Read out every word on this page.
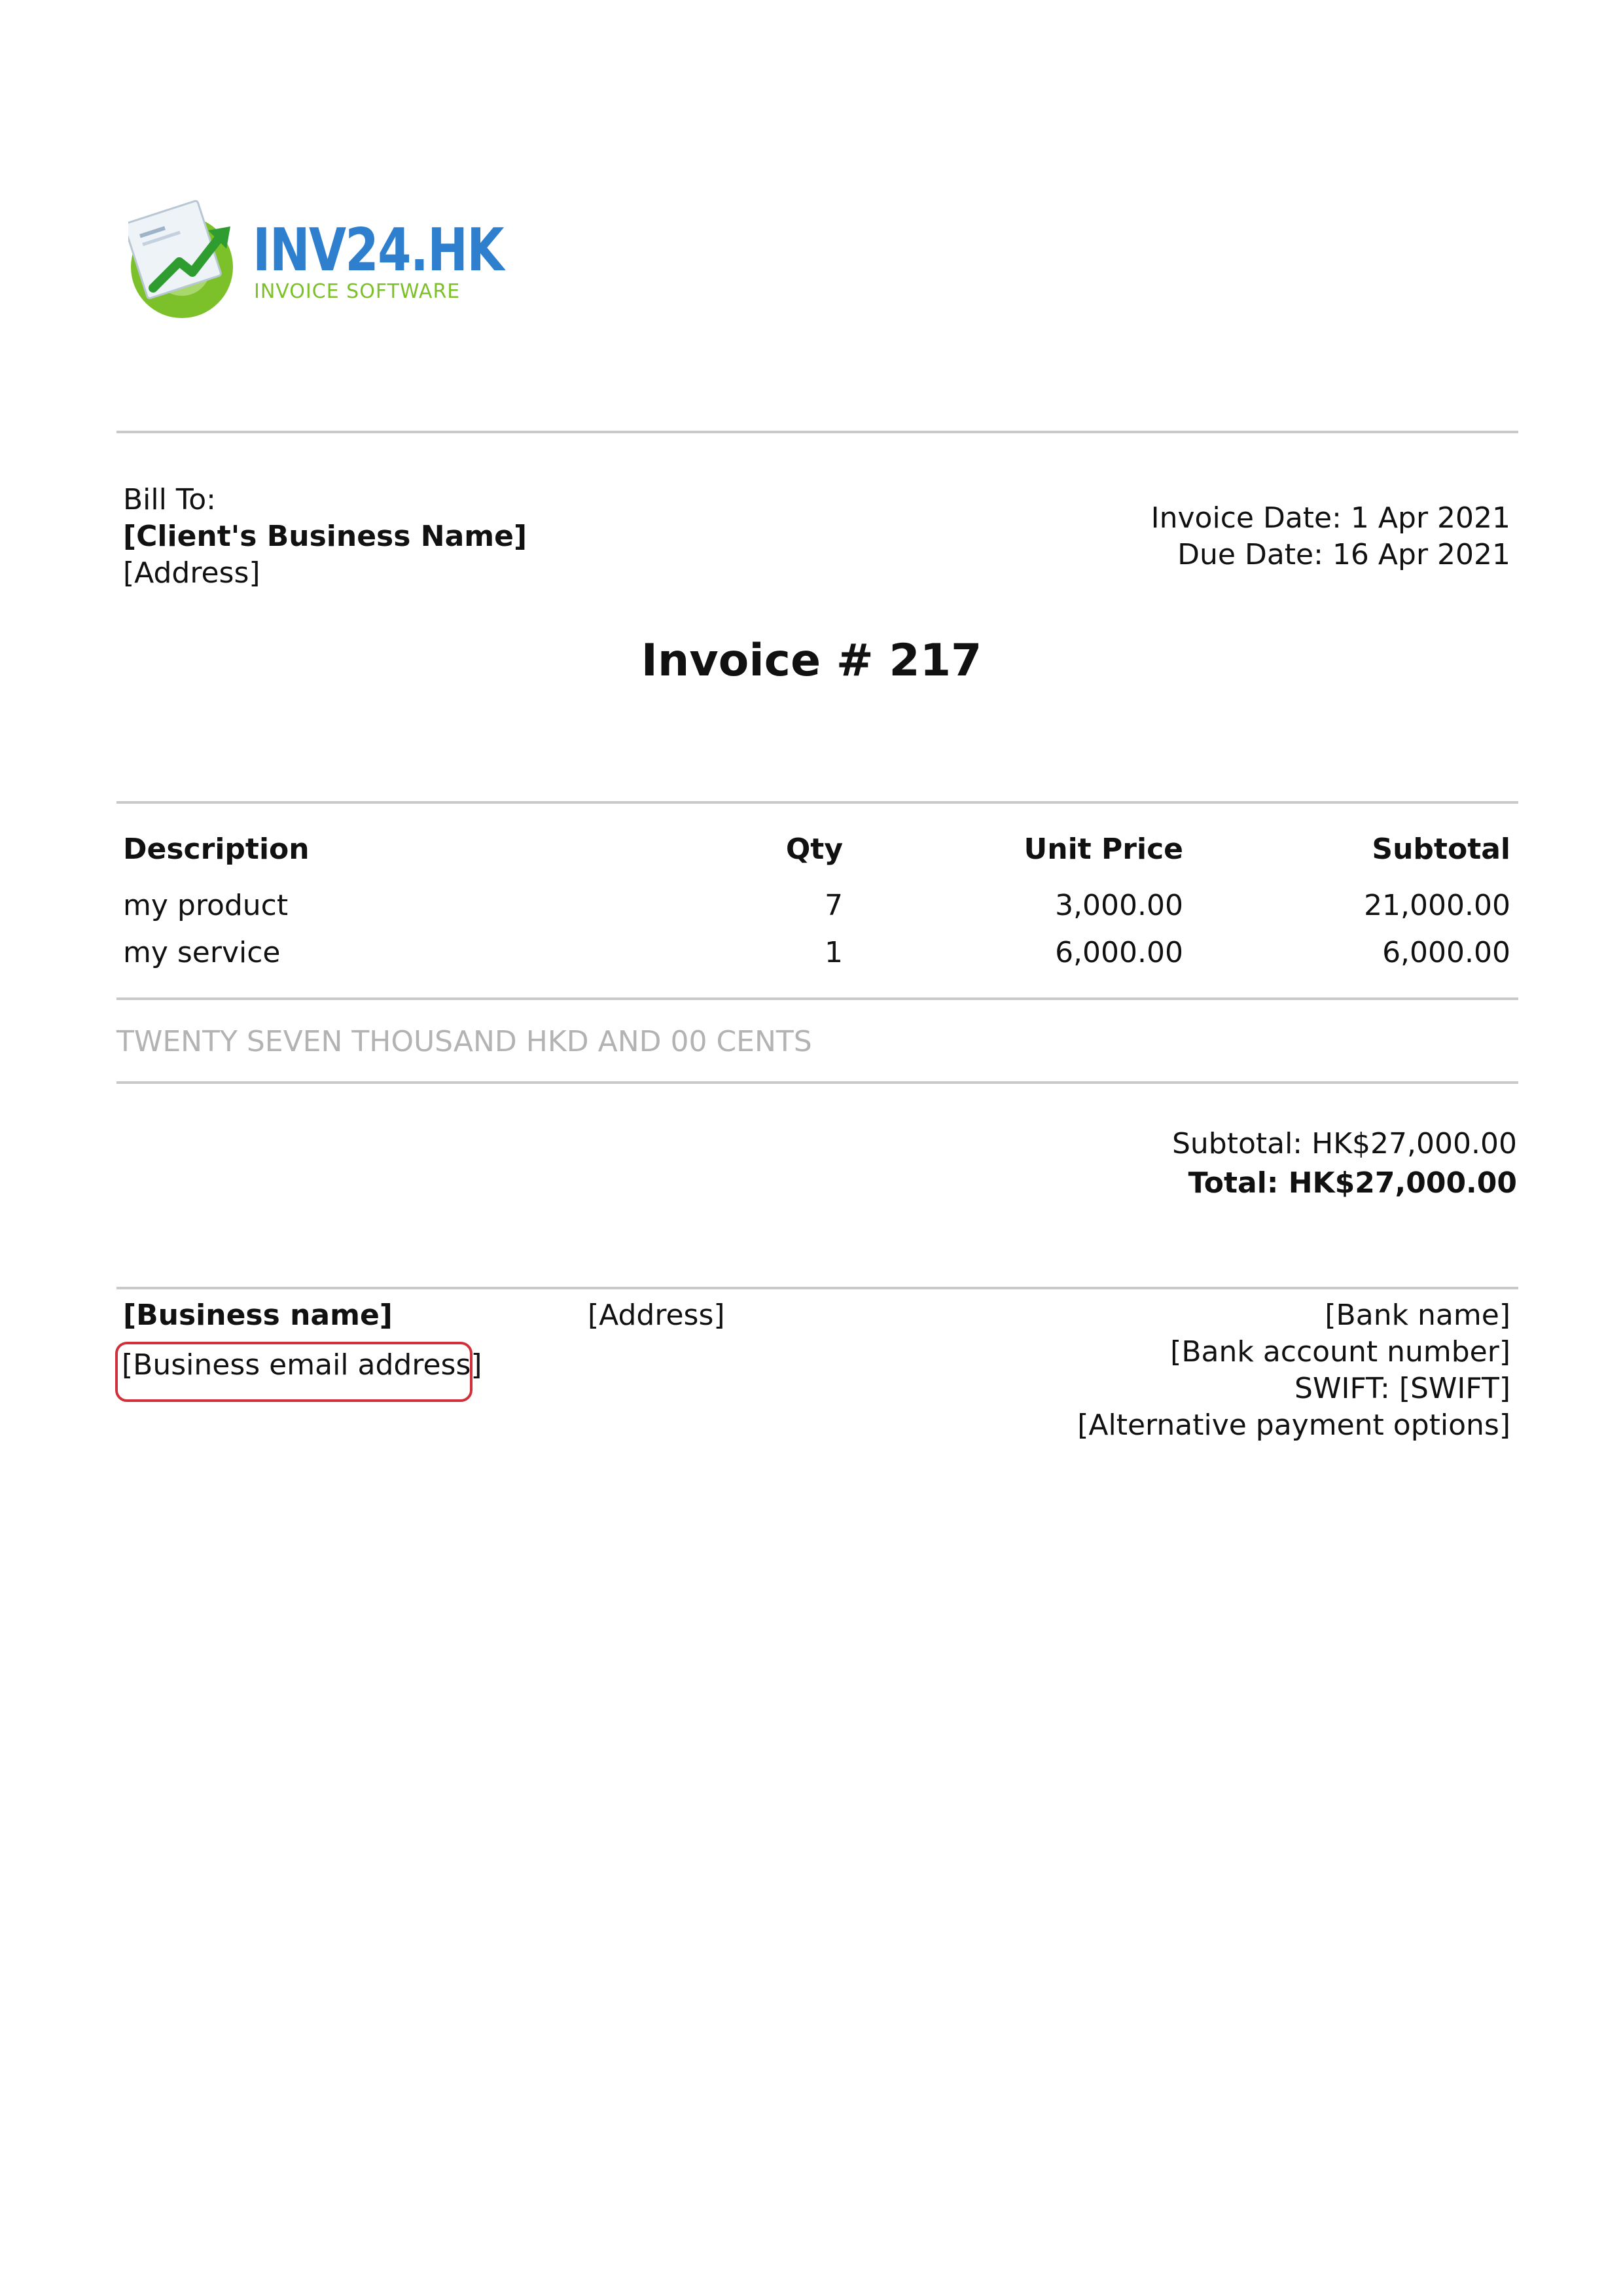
INV24.HK
INVOICE SOFTWARE
Bill To:
[Client's Business Name]
[Address]
Invoice Date: 1 Apr 2021
Due Date: 16 Apr 2021
Invoice # 217
Description	Qty	Unit Price	Subtotal
my product	7	3,000.00	21,000.00
my service	1	6,000.00	6,000.00
TWENTY SEVEN THOUSAND HKD AND 00 CENTS
Subtotal: HK$27,000.00
Total: HK$27,000.00
[Business name]
[Business email address]
[Address]	[Bank name]
[Bank account number]
SWIFT: [SWIFT]
[Alternative payment options]
